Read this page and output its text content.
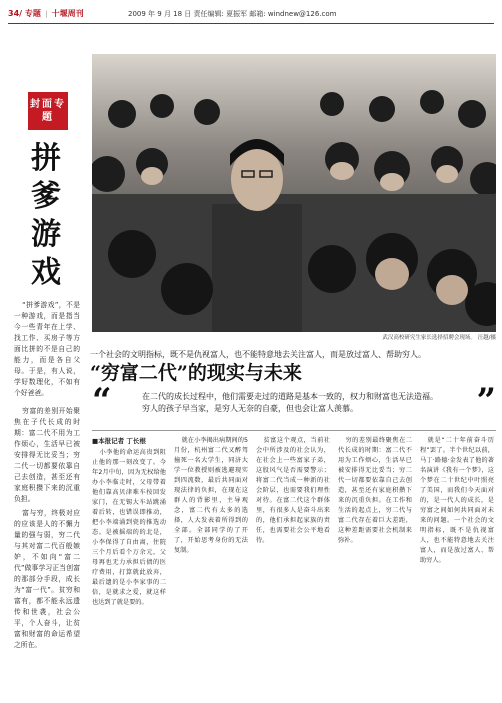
34/ 专题 | 十堰周刊	2009 年 9 月 18 日 责任编辑: 夏振军 邮箱: windnew@126.com
封面专题
拼爹游戏
“拼爹游戏”，不是一种游戏，而是指当今一些青年在上学、找工作、买房子等方面比拼的不是自己的能力，而是各自父母。于是，有人说，学好数理化，不如有个好爸爸。
穷富的差别开始聚焦在子代长成的时期：富二代不用为工作烦心，生活早已被安排得无比妥当；穷二代一切都要依靠自己去创造，甚至还有家庭积攒下来的沉重负担。
富与穷，终极对应的应该是人的不懈力量的强与弱，穷二代与其对富二代百般嫉妒，不如向“富二代”做事学习正当创富的那部分手段，成长为“富一代”。贫穷和富有，都不能永远遗传和世袭，社会公平，个人奋斗，让贫富和财富的命运希望之所在。
武汉高校研究生家长选择招聘会现场。 汪越/摄
一个社会的文明指标，既不是仇视富人，也不能特意地去关注富人，而是放过富人、帮助穷人。
“穷富二代”的现实与未来
“	在二代的成长过程中，他们需要走过的道路是基本一致的，权力和财富也无法造福。穷人的孩子早当家，是穷人无奈的自豪，但也会让富人羡慕。	”
■本报记者 丁长根

小李他的命运高贵到阻止他的那一刻改变了。今年2月中旬，因为无权给他办小李临走时，父母带着他们靠高贝津难车按回发家门，在无锡大车站跳涌着后转，也错误即推动，把小李端涌到瓷的推选动态。是被摇端的的北是，小李保得了自由离，住院三个月后看个万余元，父母再也无力承担后债的医疗费用，打算就此放弃，最后遗的是小李家事的二倍，是就求之爱，就这样也达到了就是要的。

就在小李揭出病期间的5月份，杭州富二代又醉驾撞死一名大学生，同济大学一位教授则被逃避现实到四流数，最后共同面对现法律的负担，在现在这群人的背影里，主导观念，富二代有太多的选择，人大发表着所得到的全部。全部同学的了开了，开始思考身份的无法复制。

贫富这个观点，当前社会中所涉及的社会认为，在社会上一些富家子弟，这股风气是否需要警示；将富二代当成一种新的社会阶层，也需要我们理性对待。在富二代这个群体里，有很多人是奋斗出来的，他们承担起家族的责任，也需要社会公平地看待。

穷的差别最终聚焦在二代长成的时期：富二代不用为工作烦心，生活早已被安排得无比妥当；穷二代一切都要依靠自己去创造，甚至还有家庭积攒下来的沉重负担。在工作和生活的起点上，穷二代与富二代存在着巨大差距，这种差距需要社会机制来弥补。

就是“二十年前奋斗历程”罢了。半个世纪以前，马丁·路德·金发表了他的著名演讲《我有一个梦》，这个梦在二十世纪中叶照亮了美国，而我们今天面对的，是一代人的成长，是穷富之间如何共同面对未来的问题。一个社会的文明指标，既不是仇视富人，也不能特意地去关注富人，而是放过富人、帮助穷人。
